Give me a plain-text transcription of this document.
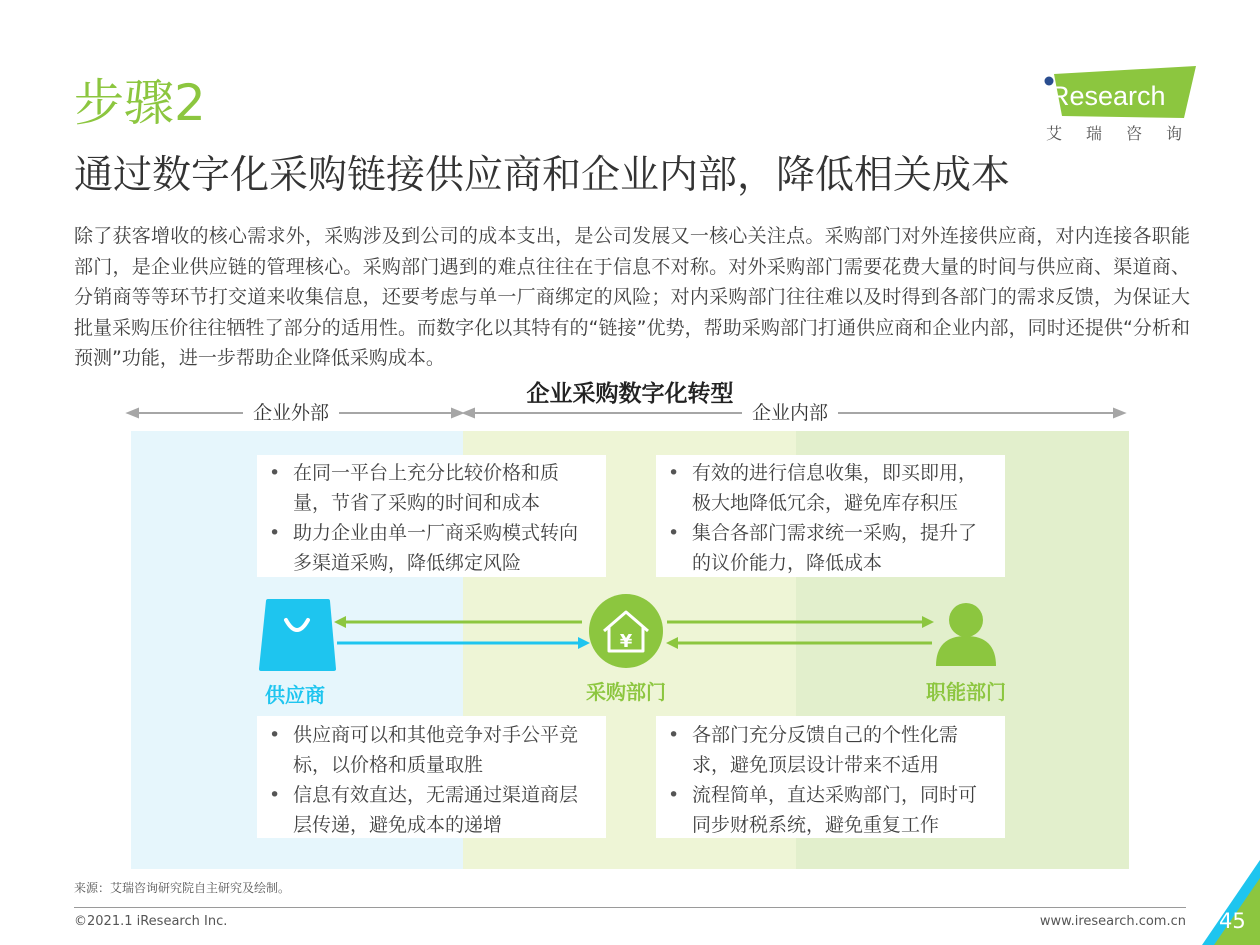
步骤2
通过数字化采购链接供应商和企业内部，降低相关成本
iResearch
艾瑞咨询
除了获客增收的核心需求外，采购涉及到公司的成本支出，是公司发展又一核心关注点。采购部门对外连接供应商，对内连接各职能部门，是企业供应链的管理核心。采购部门遇到的难点往往在于信息不对称。对外采购部门需要花费大量的时间与供应商、渠道商、分销商等等环节打交道来收集信息，还要考虑与单一厂商绑定的风险；对内采购部门往往难以及时得到各部门的需求反馈，为保证大批量采购压价往往牺牲了部分的适用性。而数字化以其特有的“链接”优势，帮助采购部门打通供应商和企业内部，同时还提供“分析和预测”功能，进一步帮助企业降低采购成本。
企业采购数字化转型
企业外部	企业内部
• 在同一平台上充分比较价格和质量，节省了采购的时间和成本
• 助力企业由单一厂商采购模式转向多渠道采购，降低绑定风险
• 有效的进行信息收集，即买即用，极大地降低冗余，避免库存积压
• 集合各部门需求统一采购，提升了的议价能力，降低成本
¥
供应商	采购部门	职能部门
• 供应商可以和其他竞争对手公平竞标，以价格和质量取胜
• 信息有效直达，无需通过渠道商层层传递，避免成本的递增
• 各部门充分反馈自己的个性化需求，避免顶层设计带来不适用
• 流程简单，直达采购部门，同时可同步财税系统，避免重复工作
来源：艾瑞咨询研究院自主研究及绘制。
©2021.1 iResearch Inc.	www.iresearch.com.cn 45
